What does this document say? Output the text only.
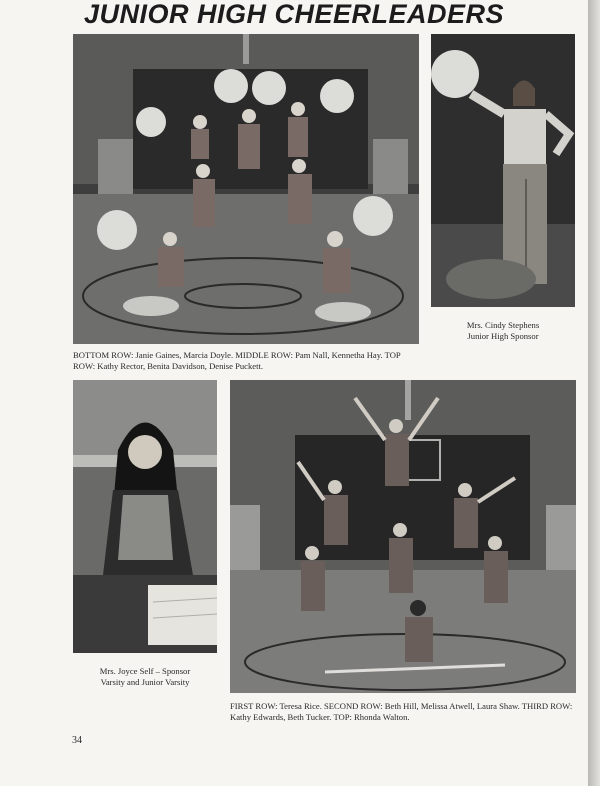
JUNIOR HIGH CHEERLEADERS
BOTTOM ROW: Janie Gaines, Marcia Doyle. MIDDLE ROW: Pam Nall, Kennetha Hay. TOP ROW: Kathy Rector, Benita Davidson, Denise Puckett.
Mrs. Cindy Stephens
Junior High Sponsor
Mrs. Joyce Self – Sponsor
Varsity and Junior Varsity
FIRST ROW: Teresa Rice. SECOND ROW: Beth Hill, Melissa Atwell, Laura Shaw. THIRD ROW: Kathy Edwards, Beth Tucker. TOP: Rhonda Walton.
34
